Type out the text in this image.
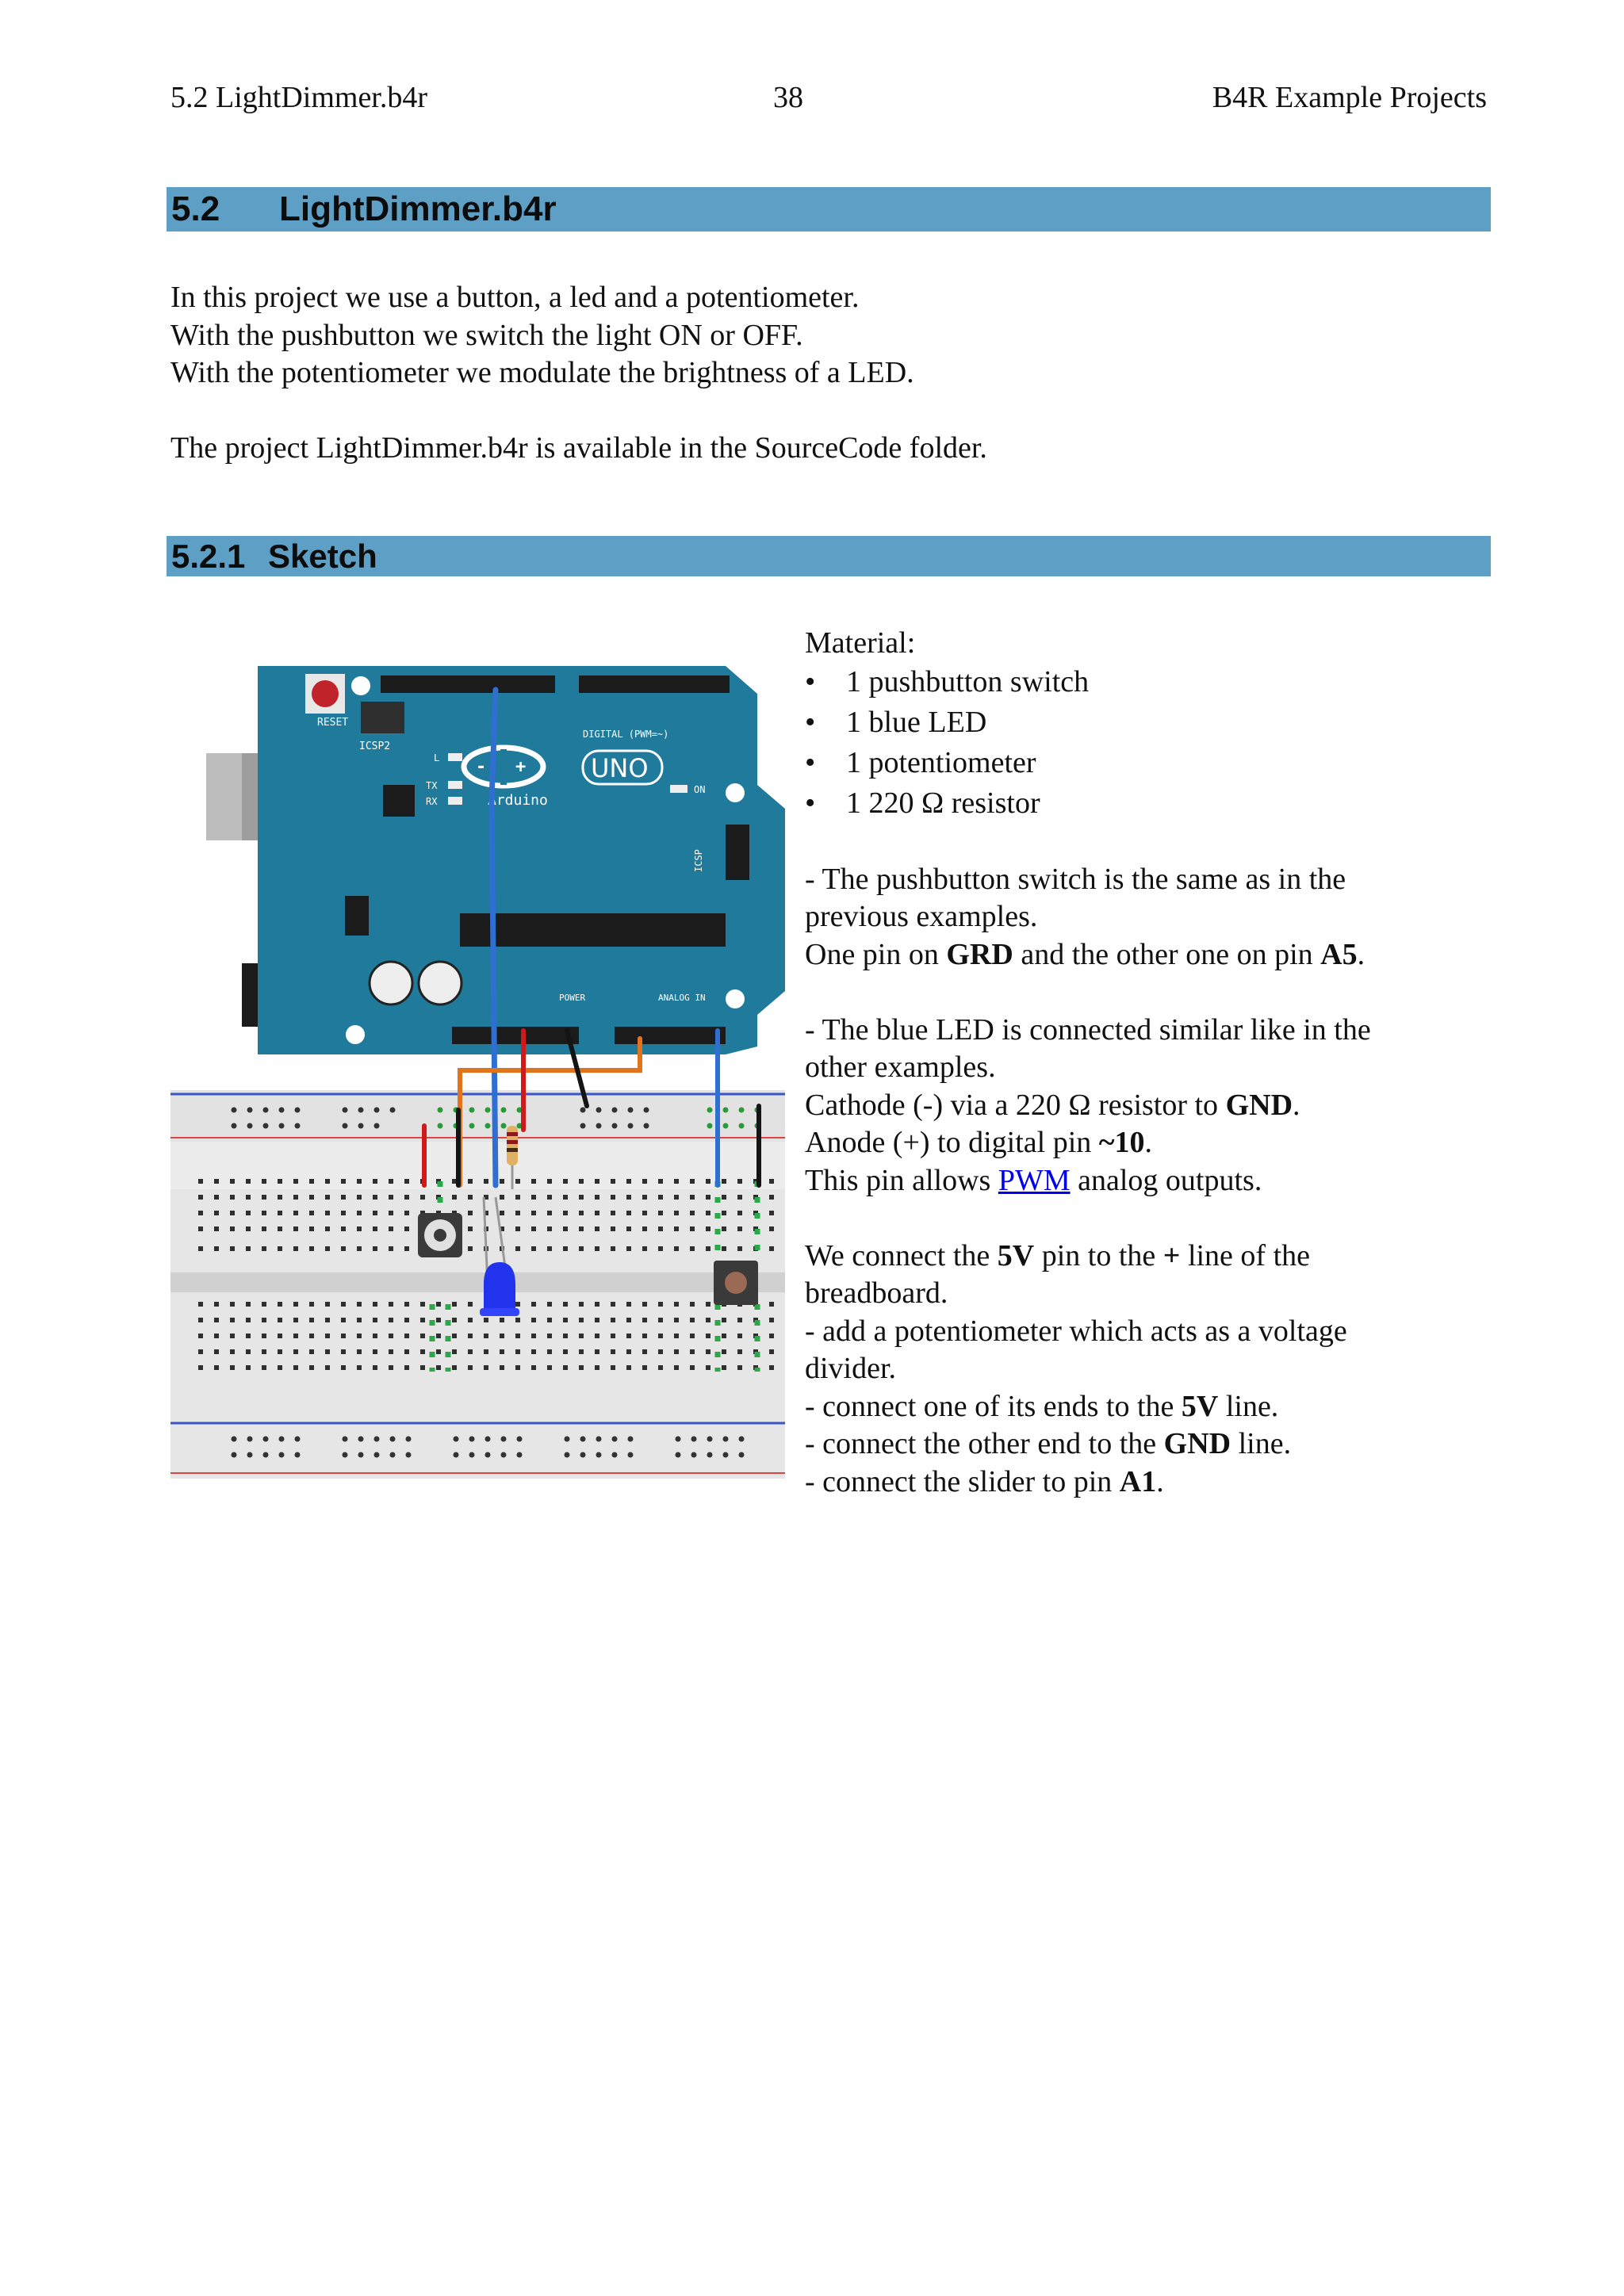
5.2 LightDimmer.b4r	38	B4R Example Projects
5.2 LightDimmer.b4r
In this project we use a button, a led and a potentiometer.
With the pushbutton we switch the light ON or OFF.
With the potentiometer we modulate the brightness of a LED.
The project LightDimmer.b4r is available in the SourceCode folder.
5.2.1 Sketch
RESET
ICSP2
DIGITAL (PWM=~)
- +	UNO
Arduino
L
TX
RX
ON
ICSP
POWER	ANALOG IN
Material:
• 1 pushbutton switch
• 1 blue LED
• 1 potentiometer
• 1 220 Ω resistor
- The pushbutton switch is the same as in the
previous examples.
One pin on GRD and the other one on pin A5.
- The blue LED is connected similar like in the
other examples.
Cathode (-) via a 220 Ω resistor to GND.
Anode (+) to digital pin ~10.
This pin allows PWM analog outputs.
We connect the 5V pin to the + line of the
breadboard.
- add a potentiometer which acts as a voltage
divider.
- connect one of its ends to the 5V line.
- connect the other end to the GND line.
- connect the slider to pin A1.
